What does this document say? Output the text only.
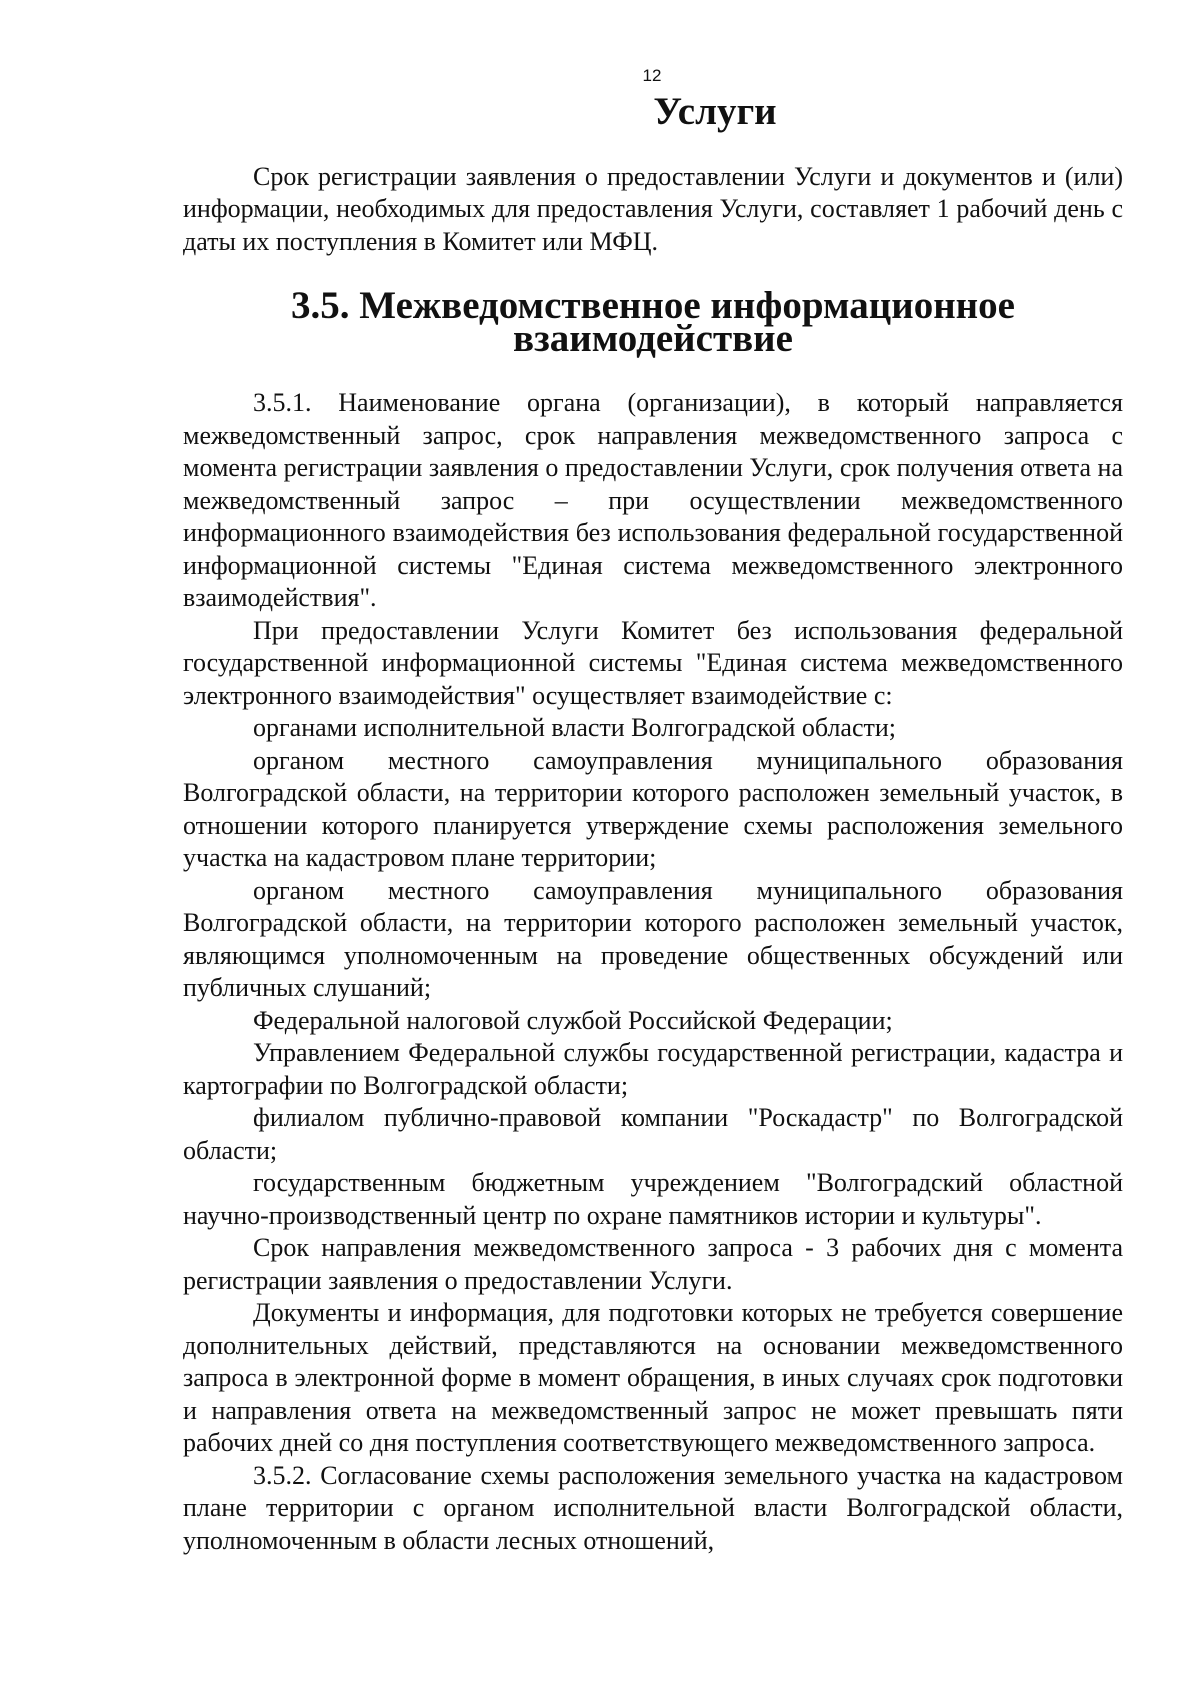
12
Услуги

Срок регистрации заявления о предоставлении Услуги и документов и (или) информации, необходимых для предоставления Услуги, составляет 1 рабочий день с даты их поступления в Комитет или МФЦ.

3.5. Межведомственное информационное взаимодействие

3.5.1. Наименование органа (организации), в который направляется межведомственный запрос, срок направления межведомственного запроса с момента регистрации заявления о предоставлении Услуги, срок получения ответа на межведомственный запрос – при осуществлении межведомственного информационного взаимодействия без использования федеральной государственной информационной системы "Единая система межведомственного электронного взаимодействия".

При предоставлении Услуги Комитет без использования федеральной государственной информационной системы "Единая система межведомственного электронного взаимодействия" осуществляет взаимодействие с:

органами исполнительной власти Волгоградской области;

органом местного самоуправления муниципального образования Волгоградской области, на территории которого расположен земельный участок, в отношении которого планируется утверждение схемы расположения земельного участка на кадастровом плане территории;

органом местного самоуправления муниципального образования Волгоградской области, на территории которого расположен земельный участок, являющимся уполномоченным на проведение общественных обсуждений или публичных слушаний;

Федеральной налоговой службой Российской Федерации;

Управлением Федеральной службы государственной регистрации, кадастра и картографии по Волгоградской области;

филиалом публично-правовой компании "Роскадастр" по Волгоградской области;

государственным бюджетным учреждением "Волгоградский областной научно-производственный центр по охране памятников истории и культуры".

Срок направления межведомственного запроса - 3 рабочих дня с момента регистрации заявления о предоставлении Услуги.

Документы и информация, для подготовки которых не требуется совершение дополнительных действий, представляются на основании межведомственного запроса в электронной форме в момент обращения, в иных случаях срок подготовки и направления ответа на межведомственный запрос не может превышать пяти рабочих дней со дня поступления соответствующего межведомственного запроса.

3.5.2. Согласование схемы расположения земельного участка на кадастровом плане территории с органом исполнительной власти Волгоградской области, уполномоченным в области лесных отношений,
